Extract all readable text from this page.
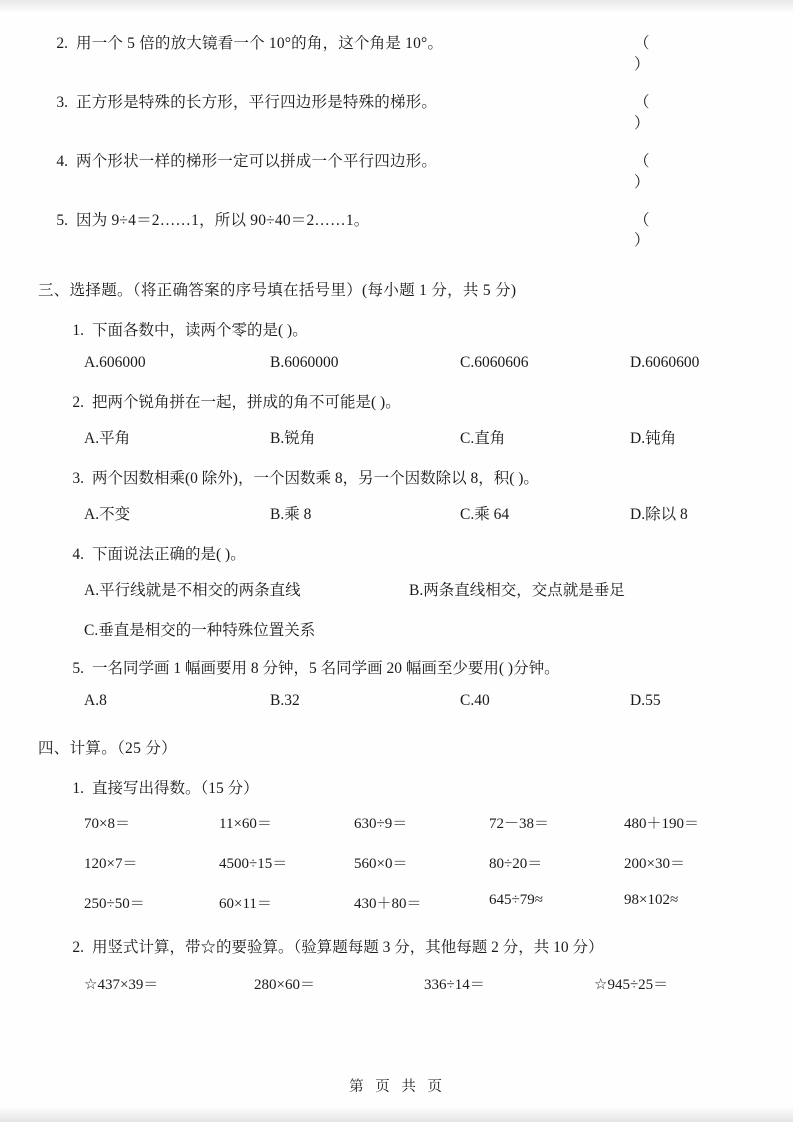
2. 用一个 5 倍的放大镜看一个 10°的角，这个角是 10°。	（ ）
3. 正方形是特殊的长方形，平行四边形是特殊的梯形。	（ ）
4. 两个形状一样的梯形一定可以拼成一个平行四边形。	（ ）
5. 因为 9÷4＝2……1，所以 90÷40＝2……1。	（ ）
三、选择题。（将正确答案的序号填在括号里）(每小题 1 分，共 5 分)
1. 下面各数中，读两个零的是( )。
A.606000	B.6060000	C.6060606	D.6060600
2. 把两个锐角拼在一起，拼成的角不可能是( )。
A.平角	B.锐角	C.直角	D.钝角
3. 两个因数相乘(0 除外)，一个因数乘 8，另一个因数除以 8，积( )。
A.不变	B.乘 8	C.乘 64	D.除以 8
4. 下面说法正确的是( )。
A.平行线就是不相交的两条直线	B.两条直线相交，交点就是垂足
C.垂直是相交的一种特殊位置关系
5. 一名同学画 1 幅画要用 8 分钟，5 名同学画 20 幅画至少要用( )分钟。
A.8	B.32	C.40	D.55
四、计算。（25 分）
1. 直接写出得数。（15 分）
70×8＝	11×60＝	630÷9＝	72－38＝	480＋190＝
120×7＝	4500÷15＝	560×0＝	80÷20＝	200×30＝
250÷50＝	60×11＝	430＋80＝	645÷79≈	98×102≈
2. 用竖式计算，带☆的要验算。（验算题每题 3 分，其他每题 2 分，共 10 分）
☆437×39＝	280×60＝	336÷14＝	☆945÷25＝
第 页 共 页
